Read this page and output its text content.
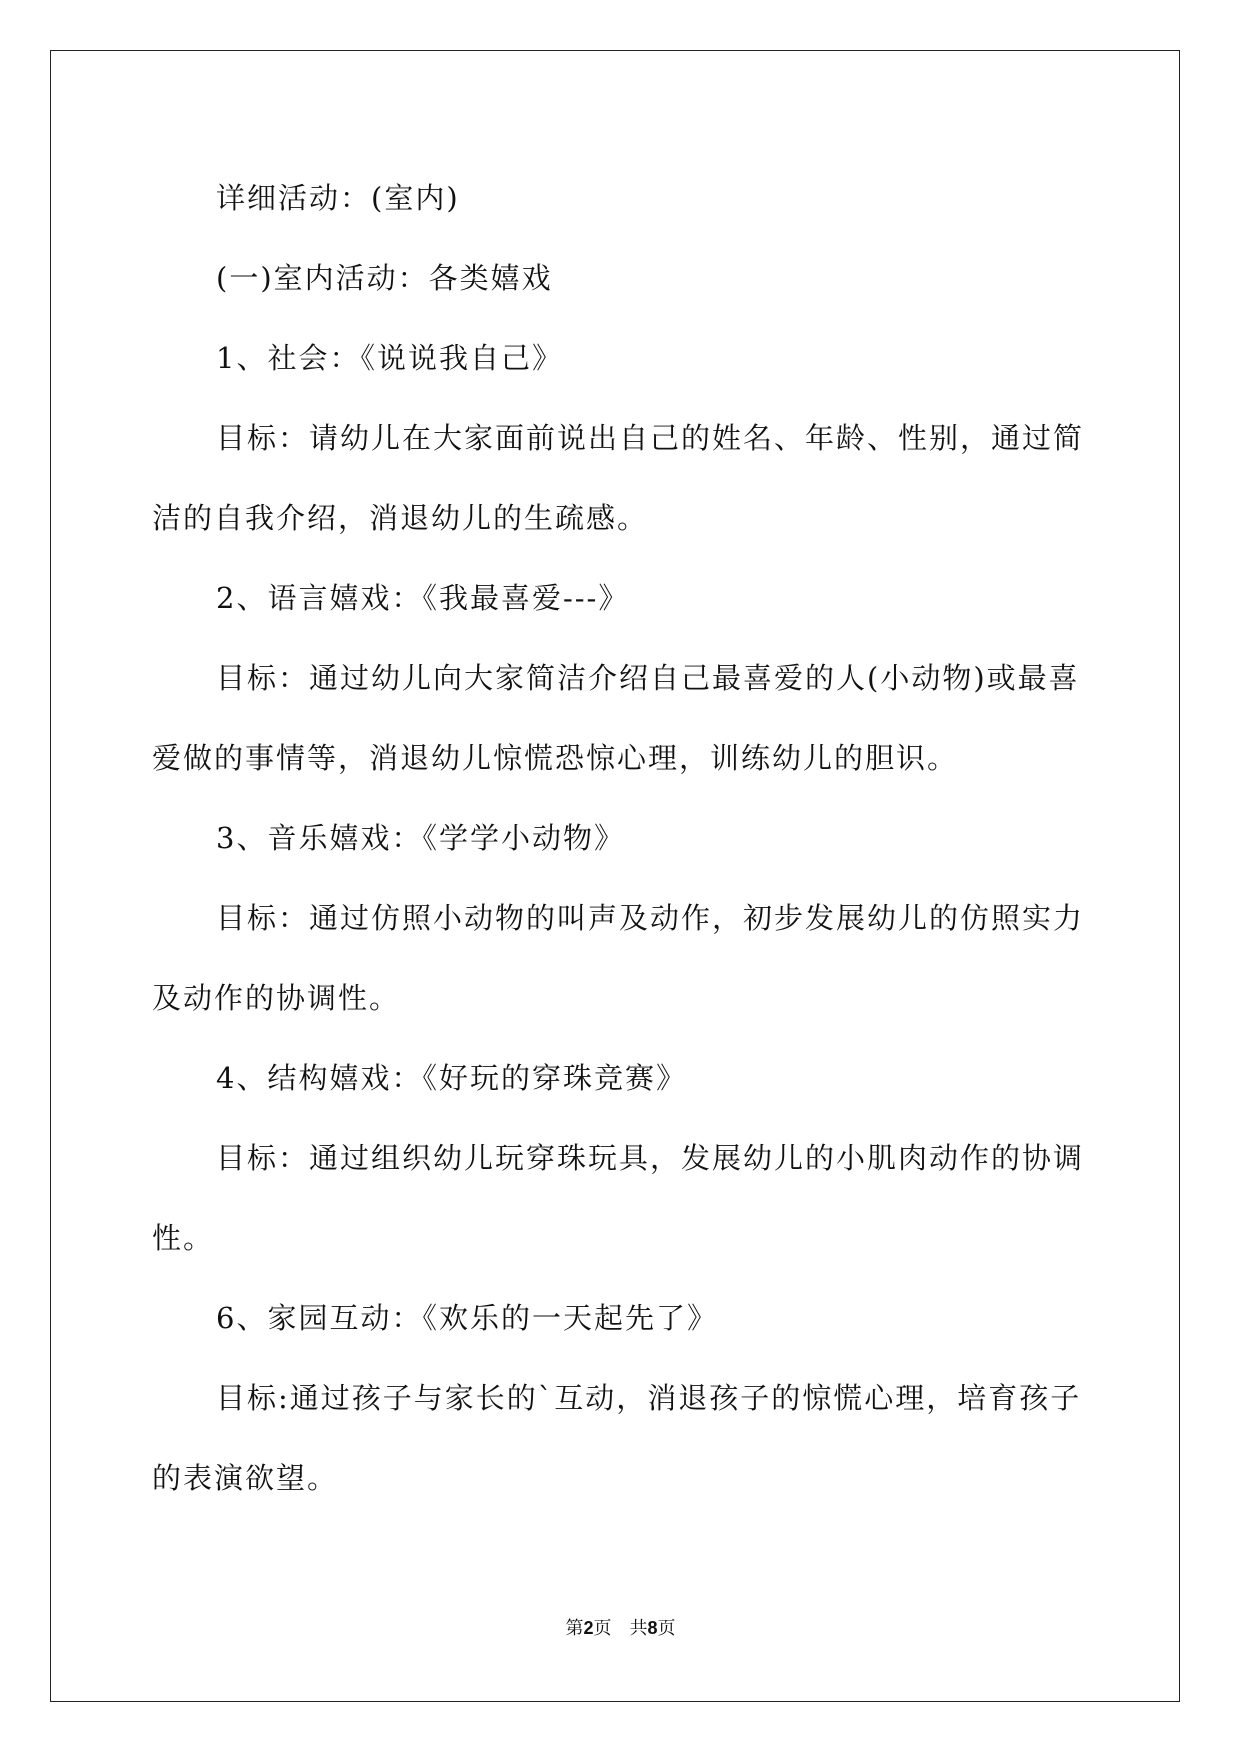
详细活动：(室内)
(一)室内活动：各类嬉戏
1、社会：《说说我自己》
目标：请幼儿在大家面前说出自己的姓名、年龄、性别，通过简
洁的自我介绍，消退幼儿的生疏感。
2、语言嬉戏：《我最喜爱---》
目标：通过幼儿向大家简洁介绍自己最喜爱的人(小动物)或最喜
爱做的事情等，消退幼儿惊慌恐惊心理，训练幼儿的胆识。
3、音乐嬉戏：《学学小动物》
目标：通过仿照小动物的叫声及动作，初步发展幼儿的仿照实力
及动作的协调性。
4、结构嬉戏：《好玩的穿珠竞赛》
目标：通过组织幼儿玩穿珠玩具，发展幼儿的小肌肉动作的协调
性。
6、家园互动：《欢乐的一天起先了》
目标:通过孩子与家长的`互动，消退孩子的惊慌心理，培育孩子
的表演欲望。
第2页　共8页
